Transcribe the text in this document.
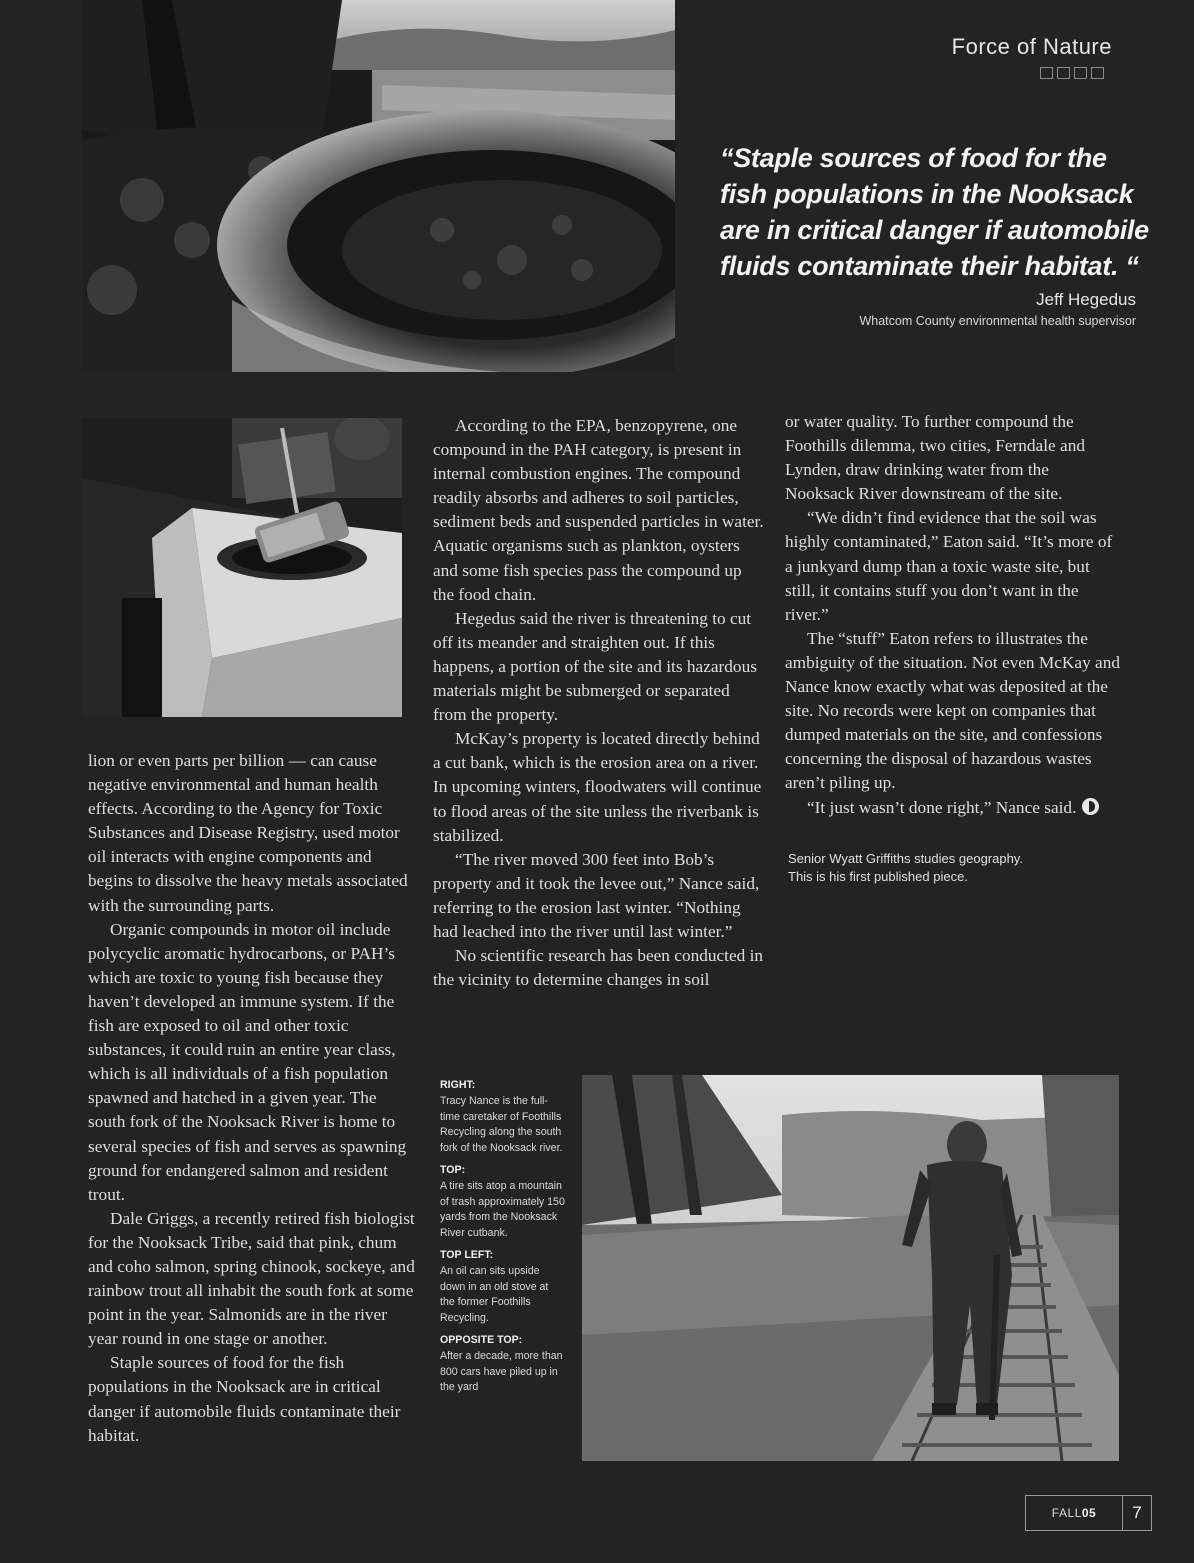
Force of Nature
“Staple sources of food for the fish populations in the Nooksack are in critical danger if automobile fluids contaminate their habitat. “
Jeff Hegedus
Whatcom County environmental health supervisor

lion or even parts per billion — can cause negative environmental and human health effects. According to the Agency for Toxic Substances and Disease Registry, used motor oil interacts with engine components and begins to dissolve the heavy metals associated with the surrounding parts.

Organic compounds in motor oil include polycyclic aromatic hydrocarbons, or PAH’s which are toxic to young fish because they haven’t developed an immune system. If the fish are exposed to oil and other toxic substances, it could ruin an entire year class, which is all individuals of a fish population spawned and hatched in a given year. The south fork of the Nooksack River is home to several species of fish and serves as spawning ground for endangered salmon and resident trout.

Dale Griggs, a recently retired fish biologist for the Nooksack Tribe, said that pink, chum and coho salmon, spring chinook, sockeye, and rainbow trout all inhabit the south fork at some point in the year. Salmonids are in the river year round in one stage or another.

Staple sources of food for the fish populations in the Nooksack are in critical danger if automobile fluids contaminate their habitat.

According to the EPA, benzopyrene, one compound in the PAH category, is present in internal combustion engines. The compound readily absorbs and adheres to soil particles, sediment beds and suspended particles in water. Aquatic organisms such as plankton, oysters and some fish species pass the compound up the food chain.

Hegedus said the river is threatening to cut off its meander and straighten out. If this happens, a portion of the site and its hazardous materials might be submerged or separated from the property.

McKay’s property is located directly behind a cut bank, which is the erosion area on a river. In upcoming winters, floodwaters will continue to flood areas of the site unless the riverbank is stabilized.

“The river moved 300 feet into Bob’s property and it took the levee out,” Nance said, referring to the erosion last winter. “Nothing had leached into the river until last winter.”

No scientific research has been conducted in the vicinity to determine changes in soil

or water quality. To further compound the Foothills dilemma, two cities, Ferndale and Lynden, draw drinking water from the Nooksack River downstream of the site.

“We didn’t find evidence that the soil was highly contaminated,” Eaton said. “It’s more of a junkyard dump than a toxic waste site, but still, it contains stuff you don’t want in the river.”

The “stuff” Eaton refers to illustrates the ambiguity of the situation. Not even McKay and Nance know exactly what was deposited at the site. No records were kept on companies that dumped materials on the site, and confessions concerning the disposal of hazardous wastes aren’t piling up.

“It just wasn’t done right,” Nance said.

Senior Wyatt Griffiths studies geography.
This is his first published piece.
RIGHT:
Tracy Nance is the full-time caretaker of Foothills Recycling along the south fork of the Nooksack river.
TOP:
A tire sits atop a mountain of trash approximately 150 yards from the Nooksack River cutbank.
TOP LEFT:
An oil can sits upside down in an old stove at the former Foothills Recycling.
OPPOSITE TOP:
After a decade, more than 800 cars have piled up in the yard
FALL 05	7
